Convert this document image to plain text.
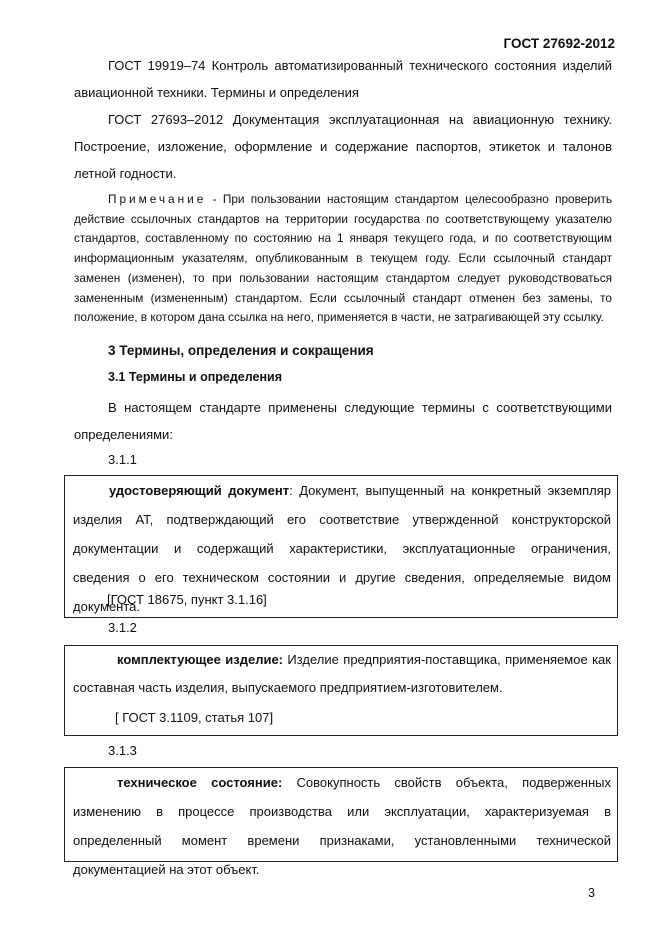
ГОСТ 27692-2012
ГОСТ 19919–74 Контроль автоматизированный технического состояния изделий авиационной техники. Термины и определения
ГОСТ 27693–2012 Документация эксплуатационная на авиационную технику. Построение, изложение, оформление и содержание паспортов, этикеток и талонов летной годности.
Примечание - При пользовании настоящим стандартом целесообразно проверить действие ссылочных стандартов на территории государства по соответствующему указателю стандартов, составленному по состоянию на 1 января текущего года, и по соответствующим информационным указателям, опубликованным в текущем году. Если ссылочный стандарт заменен (изменен), то при пользовании настоящим стандартом следует руководствоваться замененным (измененным) стандартом. Если ссылочный стандарт отменен без замены, то положение, в котором дана ссылка на него, применяется в части, не затрагивающей эту ссылку.
3 Термины, определения и сокращения
3.1 Термины и определения
В настоящем стандарте применены следующие термины с соответствующими определениями:
3.1.1
удостоверяющий документ: Документ, выпущенный на конкретный экземпляр изделия АТ, подтверждающий его соответствие утвержденной конструкторской документации и содержащий характеристики, эксплуатационные ограничения, сведения о его техническом состоянии и другие сведения, определяемые видом документа.
[ГОСТ 18675, пункт 3.1.16]
3.1.2
комплектующее изделие: Изделие предприятия-поставщика, применяемое как составная часть изделия, выпускаемого предприятием-изготовителем.
[ ГОСТ 3.1109, статья 107]
3.1.3
техническое состояние: Совокупность свойств объекта, подверженных изменению в процессе производства или эксплуатации, характеризуемая в определенный момент времени признаками, установленными технической документацией на этот объект.
3
